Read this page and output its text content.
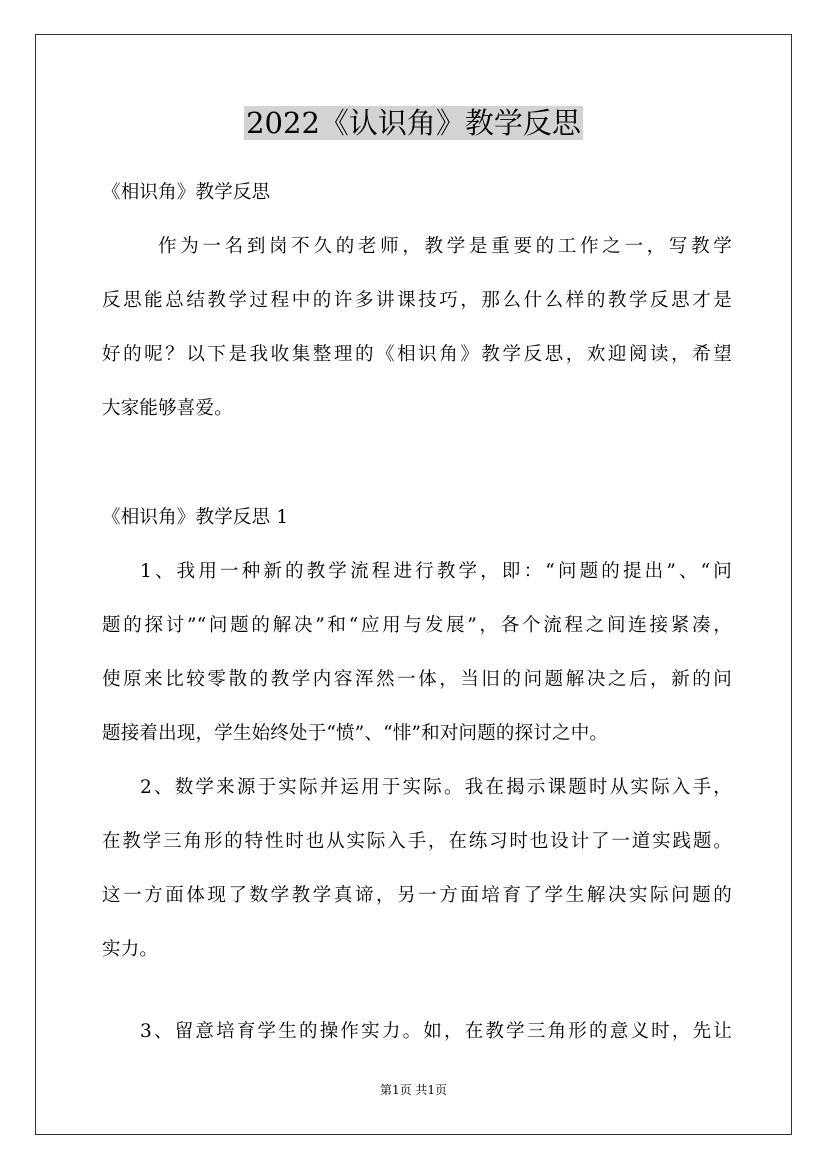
2022《认识角》教学反思
《相识角》教学反思
作为一名到岗不久的老师，教学是重要的工作之一，写教学
反思能总结教学过程中的许多讲课技巧，那么什么样的教学反思才是
好的呢？以下是我收集整理的《相识角》教学反思，欢迎阅读，希望
大家能够喜爱。
《相识角》教学反思 1
1、我用一种新的教学流程进行教学，即：“问题的提出”、“问
题的探讨”“问题的解决”和“应用与发展”，各个流程之间连接紧凑，
使原来比较零散的教学内容浑然一体，当旧的问题解决之后，新的问
题接着出现，学生始终处于“愤”、“悱”和对问题的探讨之中。
2、数学来源于实际并运用于实际。我在揭示课题时从实际入手，
在教学三角形的特性时也从实际入手，在练习时也设计了一道实践题。
这一方面体现了数学教学真谛，另一方面培育了学生解决实际问题的
实力。
3、留意培育学生的操作实力。如，在教学三角形的意义时，先让
第1页 共1页
